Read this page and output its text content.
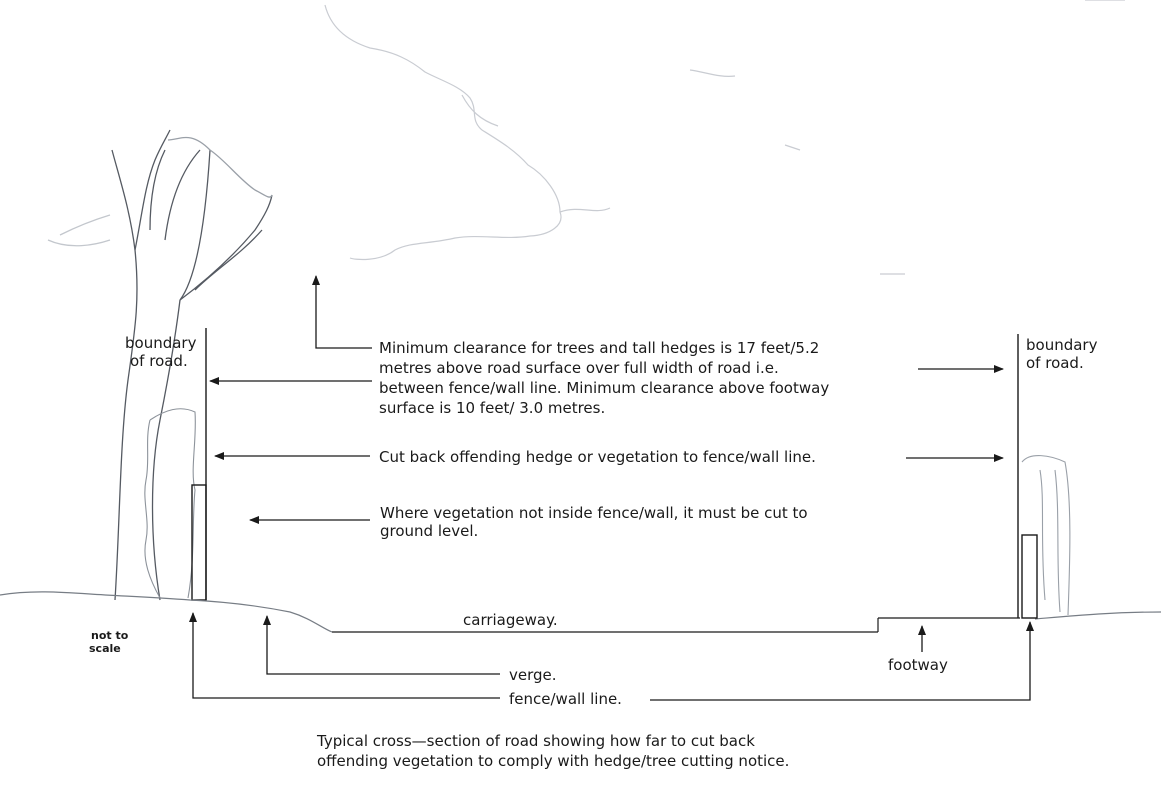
boundary of road.
boundary of road.
Minimum clearance for trees and tall hedges is 17 feet/5.2 metres above road surface over full width of road i.e. between fence/wall line. Minimum clearance above footway surface is 10 feet/ 3.0 metres.
Cut back offending hedge or vegetation to fence/wall line.
Where vegetation not inside fence/wall, it must be cut to ground level.
carriageway.
footway
verge.
fence/wall line.
not to scale
Typical cross—section of road showing how far to cut back offending vegetation to comply with hedge/tree cutting notice.
